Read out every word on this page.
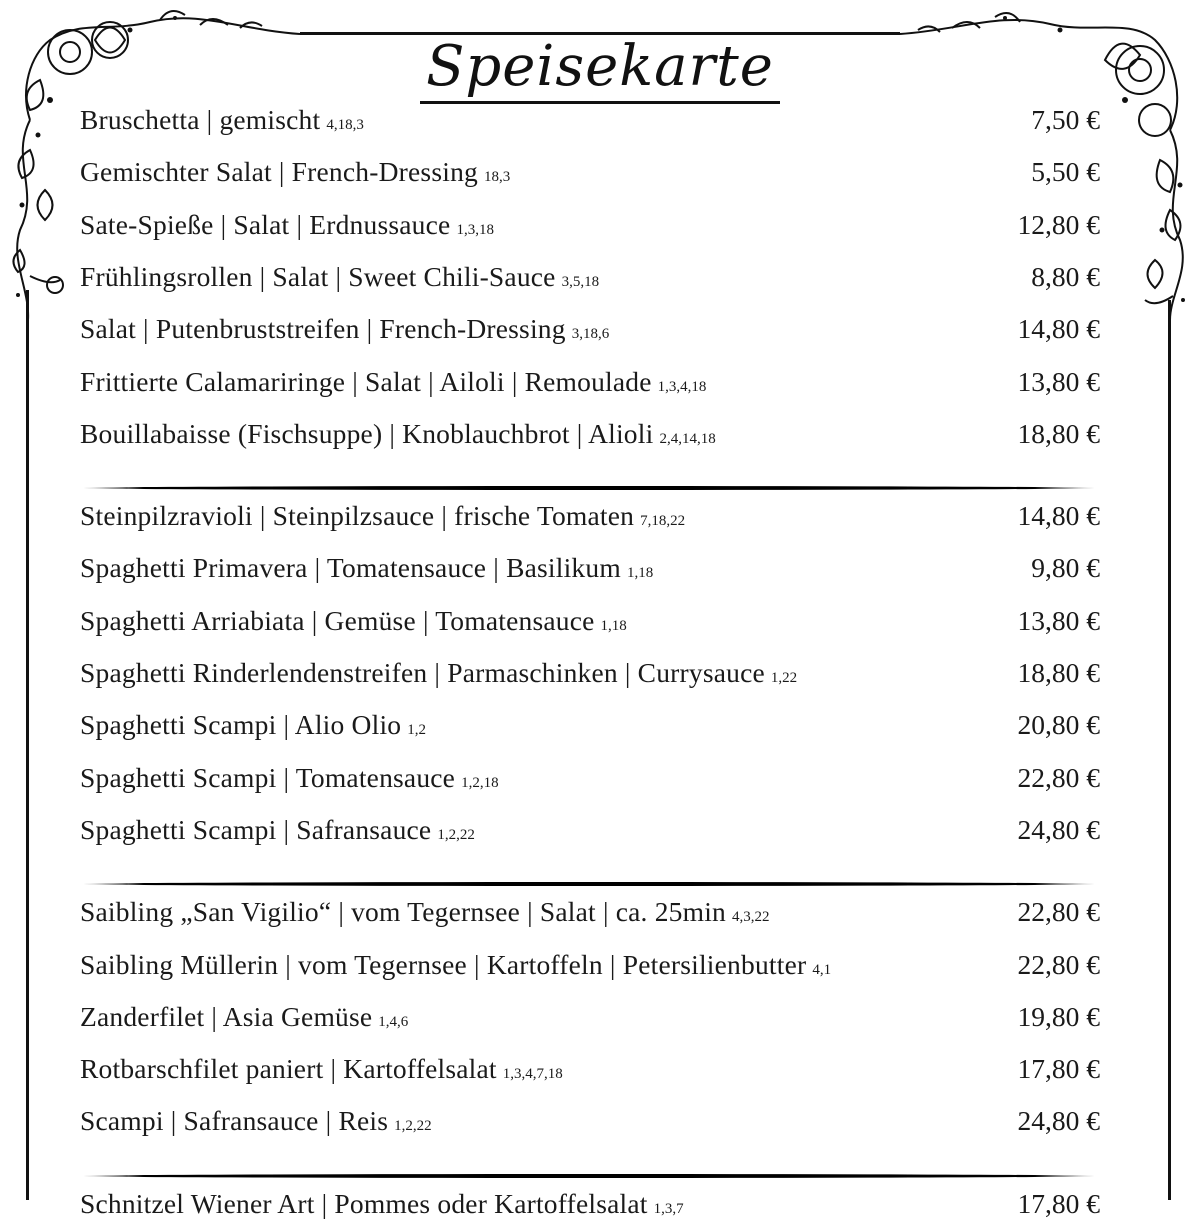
Speisekarte
Bruschetta | gemischt 4,18,3	7,50 €
Gemischter Salat | French-Dressing 18,3	5,50 €
Sate-Spieße | Salat | Erdnussauce 1,3,18	12,80 €
Frühlingsrollen | Salat | Sweet Chili-Sauce 3,5,18	8,80 €
Salat | Putenbruststreifen | French-Dressing 3,18,6	14,80 €
Frittierte Calamariringe | Salat | Ailoli | Remoulade 1,3,4,18	13,80 €
Bouillabaisse (Fischsuppe) | Knoblauchbrot | Alioli 2,4,14,18	18,80 €
Steinpilzravioli | Steinpilzsauce | frische Tomaten 7,18,22	14,80 €
Spaghetti Primavera | Tomatensauce | Basilikum 1,18	9,80 €
Spaghetti Arriabiata | Gemüse | Tomatensauce 1,18	13,80 €
Spaghetti Rinderlendenstreifen | Parmaschinken | Currysauce 1,22	18,80 €
Spaghetti Scampi | Alio Olio 1,2	20,80 €
Spaghetti Scampi | Tomatensauce 1,2,18	22,80 €
Spaghetti Scampi | Safransauce 1,2,22	24,80 €
Saibling „San Vigilio“ | vom Tegernsee | Salat | ca. 25min 4,3,22	22,80 €
Saibling Müllerin | vom Tegernsee | Kartoffeln | Petersilienbutter 4,1	22,80 €
Zanderfilet | Asia Gemüse 1,4,6	19,80 €
Rotbarschfilet paniert | Kartoffelsalat 1,3,4,7,18	17,80 €
Scampi | Safransauce | Reis 1,2,22	24,80 €
Schnitzel Wiener Art | Pommes oder Kartoffelsalat 1,3,7	17,80 €
